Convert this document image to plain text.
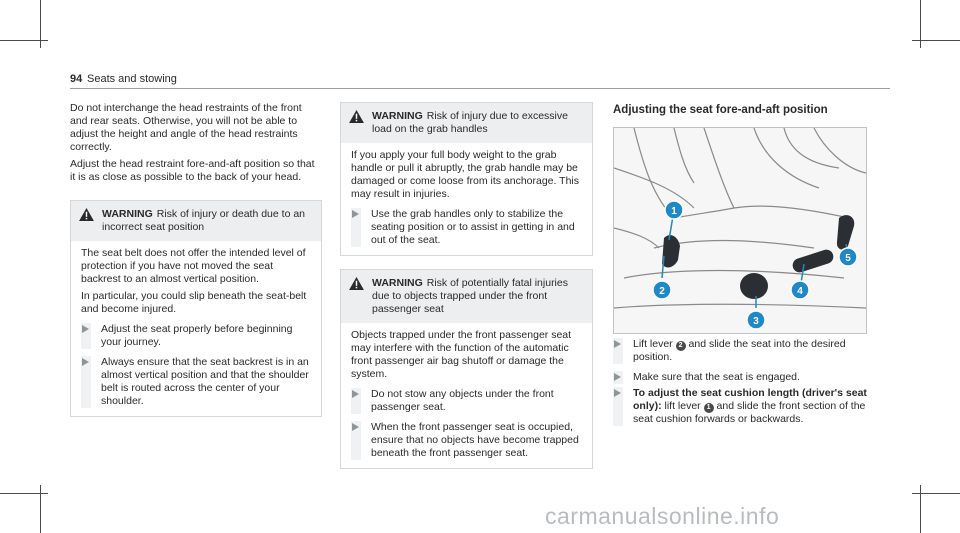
94 Seats and stowing

Do not interchange the head restraints of the front and rear seats. Otherwise, you will not be able to adjust the height and angle of the head restraints correctly.

Adjust the head restraint fore-and-aft position so that it is as close as possible to the back of your head.

WARNING Risk of injury or death due to an incorrect seat position

The seat belt does not offer the intended level of protection if you have not moved the seat backrest to an almost vertical position.

In particular, you could slip beneath the seat-belt and become injured.

Adjust the seat properly before beginning your journey.
Always ensure that the seat backrest is in an almost vertical position and that the shoulder belt is routed across the center of your shoulder.
WARNING Risk of injury due to excessive load on the grab handles

If you apply your full body weight to the grab handle or pull it abruptly, the grab handle may be damaged or come loose from its anchorage. This may result in injuries.

Use the grab handles only to stabilize the seating position or to assist in getting in and out of the seat.
WARNING Risk of potentially fatal injuries due to objects trapped under the front passenger seat

Objects trapped under the front passenger seat may interfere with the function of the automatic front passenger air bag shutoff or damage the system.

Do not stow any objects under the front passenger seat.
When the front passenger seat is occupied, ensure that no objects have become trapped beneath the front passenger seat.
Adjusting the seat fore-and-aft position
1
2
3
4
5
Lift lever 2 and slide the seat into the desired position.
Make sure that the seat is engaged.
To adjust the seat cushion length (driver's seat only): lift lever 1 and slide the front section of the seat cushion forwards or backwards.
carmanualsonline.info
